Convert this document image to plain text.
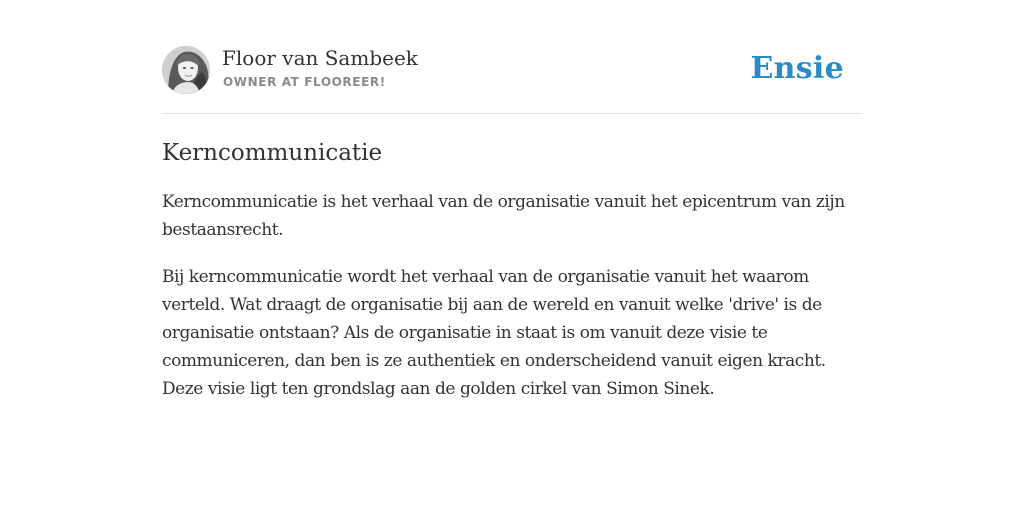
Floor van Sambeek
OWNER AT FLOOREER!	Ensie
Kerncommunicatie

Kerncommunicatie is het verhaal van de organisatie vanuit het epicentrum van zijn bestaansrecht.

Bij kerncommunicatie wordt het verhaal van de organisatie vanuit het waarom verteld. Wat draagt de organisatie bij aan de wereld en vanuit welke 'drive' is de organisatie ontstaan? Als de organisatie in staat is om vanuit deze visie te communiceren, dan ben is ze authentiek en onderscheidend vanuit eigen kracht. Deze visie ligt ten grondslag aan de golden cirkel van Simon Sinek.
